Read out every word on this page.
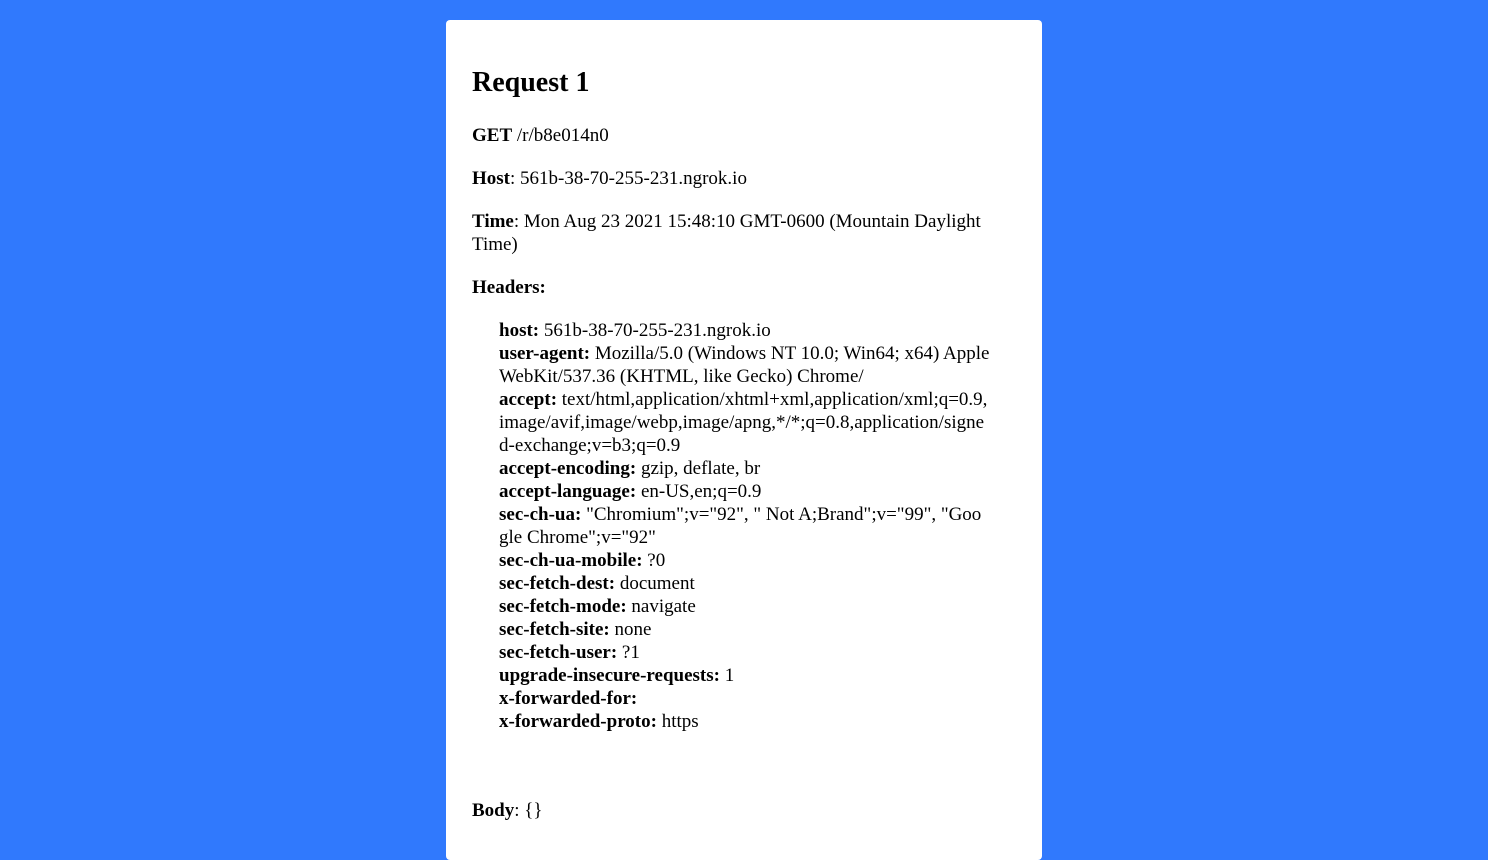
Request 1

GET /r/b8e014n0

Host: 561b-38-70-255-231.ngrok.io

Time: Mon Aug 23 2021 15:48:10 GMT-0600 (Mountain Daylight Time)

Headers:

host: 561b-38-70-255-231.ngrok.io
user-agent: Mozilla/5.0 (Windows NT 10.0; Win64; x64) AppleWebKit/537.36 (KHTML, like Gecko) Chrome/
accept: text/html,application/xhtml+xml,application/xml;q=0.9,image/avif,image/webp,image/apng,*/*;q=0.8,application/signed-exchange;v=b3;q=0.9
accept-encoding: gzip, deflate, br
accept-language: en-US,en;q=0.9
sec-ch-ua: "Chromium";v="92", " Not A;Brand";v="99", "Google Chrome";v="92"
sec-ch-ua-mobile: ?0
sec-fetch-dest: document
sec-fetch-mode: navigate
sec-fetch-site: none
sec-fetch-user: ?1
upgrade-insecure-requests: 1
x-forwarded-for:
x-forwarded-proto: https

Body: {}
